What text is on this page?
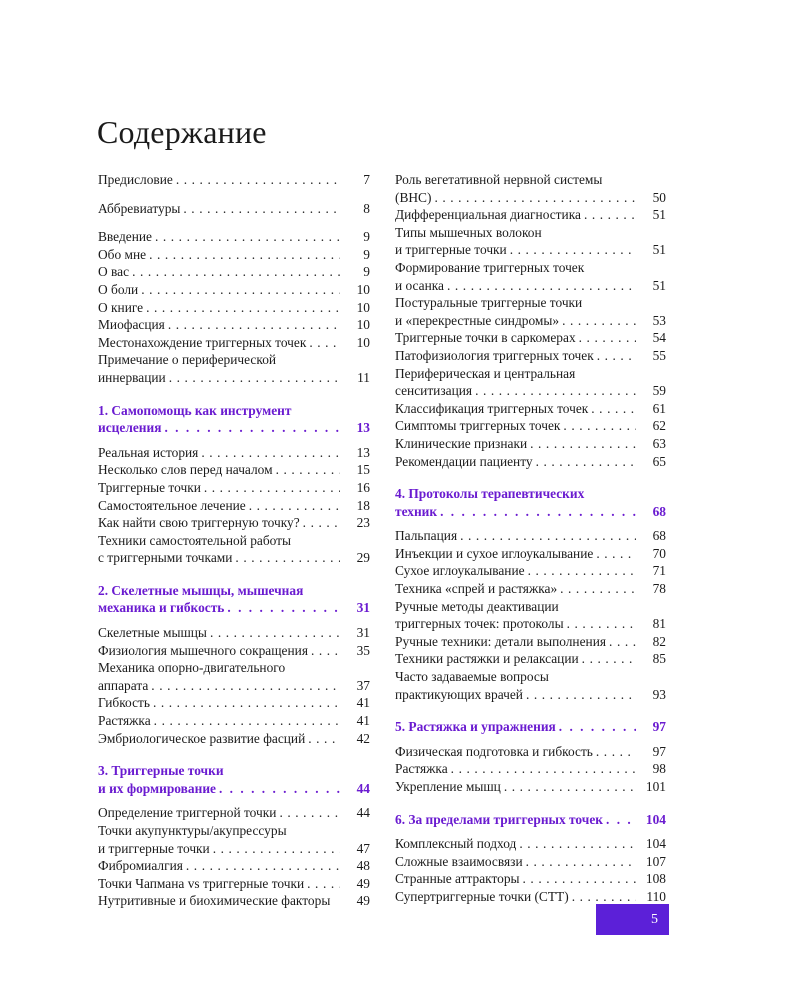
Содержание
Предисловие . . .	7
Аббревиатуры . . .	8
Введение . . .	9
Обо мне . . .	9
О вас . . .	9
О боли . . .	10
О книге . . .	10
Миофасция . . .	10
Местонахождение триггерных точек . . .	10
Примечание о периферической
иннервации . . .	11
1. Самопомощь как инструмент
исцеления . . .	13
Реальная история . . .	13
Несколько слов перед началом . . .	15
Триггерные точки . . .	16
Самостоятельное лечение . . .	18
Как найти свою триггерную точку? . . .	23
Техники самостоятельной работы
с триггерными точками . . .	29
2. Скелетные мышцы, мышечная
механика и гибкость . . .	31
Скелетные мышцы . . .	31
Физиология мышечного сокращения . . .	35
Механика опорно-двигательного
аппарата . . .	37
Гибкость . . .	41
Растяжка . . .	41
Эмбриологическое развитие фасций . . .	42
3. Триггерные точки
и их формирование . . .	44
Определение триггерной точки . . .	44
Точки акупунктуры/акупрессуры
и триггерные точки . . .	47
Фибромиалгия . . .	48
Точки Чапмана vs триггерные точки . . .	49
Нутритивные и биохимические факторы	49
Роль вегетативной нервной системы
(ВНС) . . .	50
Дифференциальная диагностика . . .	51
Типы мышечных волокон
и триггерные точки . . .	51
Формирование триггерных точек
и осанка . . .	51
Постуральные триггерные точки
и «перекрестные синдромы» . . .	53
Триггерные точки в саркомерах . . .	54
Патофизиология триггерных точек . . .	55
Периферическая и центральная
сенситизация . . .	59
Классификация триггерных точек . . .	61
Симптомы триггерных точек . . .	62
Клинические признаки . . .	63
Рекомендации пациенту . . .	65
4. Протоколы терапевтических
техник . . .	68
Пальпация . . .	68
Инъекции и сухое иглоукалывание . . .	70
Сухое иглоукалывание . . .	71
Техника «спрей и растяжка» . . .	78
Ручные методы деактивации
триггерных точек: протоколы . . .	81
Ручные техники: детали выполнения . . .	82
Техники растяжки и релаксации . . .	85
Часто задаваемые вопросы
практикующих врачей . . .	93
5. Растяжка и упражнения . . .	97
Физическая подготовка и гибкость . . .	97
Растяжка . . .	98
Укрепление мышц . . .	101
6. За пределами триггерных точек . . .	104
Комплексный подход . . .	104
Сложные взаимосвязи . . .	107
Странные аттракторы . . .	108
Супертриггерные точки (СТТ) . . .	110
5
